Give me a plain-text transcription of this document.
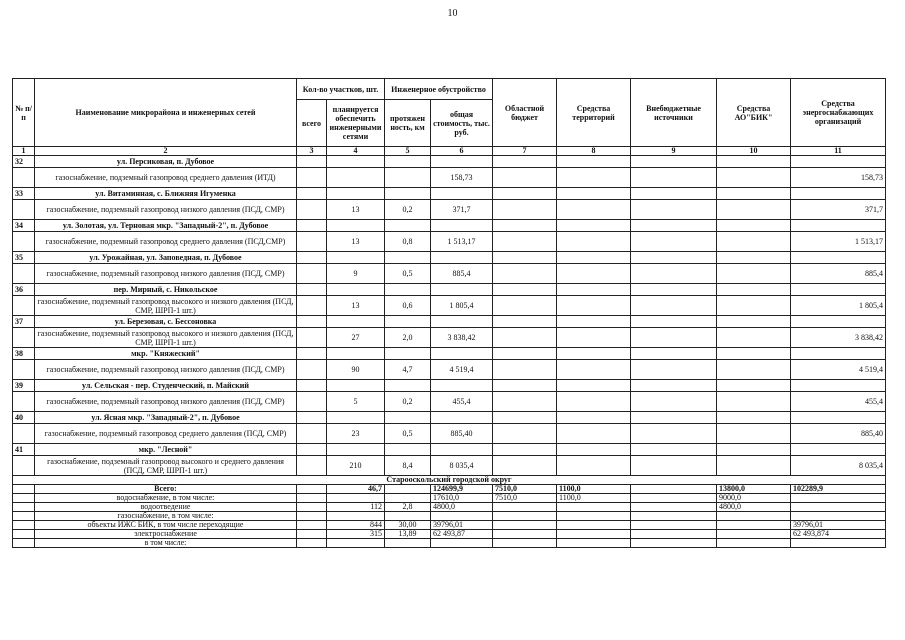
10
№ п/п	Наименование микрорайона и инженерных сетей	Кол-во участков, шт.		Инженерное обустройство		Областной бюджет	Средства территорий	Внебюджетные источники	Средства АО"БИК"	Средства энергоснабжающих организаций
		всего	планируется обеспечить инженерными сетями	протяжен ность, км	общая стоимость, тыс. руб.					
1	2	3	4	5	6	7	8	9	10	11
32	ул. Персиковая, п. Дубовое									
	газоснабжение, подземный газопровод среднего давления (ИТД)				158,73					158,73
33	ул. Витаминная, с. Ближняя Игуменка									
	газоснабжение, подземный газопровод низкого давления (ПСД, СМР)		13	0,2	371,7					371,7
34	ул. Золотая, ул. Терновая мкр. "Западный-2", п. Дубовое									
	газоснабжение, подземный газопровод среднего давления (ПСД,СМР)		13	0,8	1 513,17					1 513,17
35	ул. Урожайная, ул. Заповедная, п. Дубовое									
	газоснабжение, подземный газопровод низкого давления (ПСД, СМР)		9	0,5	885,4					885,4
36	пер. Мирный, с. Никольское									
	газоснабжение, подземный газопровод высокого и низкого давления (ПСД, СМР, ШРП-1 шт.)		13	0,6	1 805,4					1 805,4
37	ул. Березовая, с. Бессоновка									
	газоснабжение, подземный газопровод высокого и низкого давления (ПСД, СМР, ШРП-1 шт.)		27	2,0	3 838,42					3 838,42
38	мкр. "Княжеский"									
	газоснабжение, подземный газопровод низкого давления (ПСД, СМР)		90	4,7	4 519,4					4 519,4
39	ул. Сельская - пер. Студенческий, п. Майский									
	газоснабжение, подземный газопровод низкого давления (ПСД, СМР)		5	0,2	455,4					455,4
40	ул. Ясная мкр. "Западный-2", п. Дубовое									
	газоснабжение, подземный газопровод среднего давления (ПСД, СМР)		23	0,5	885,40					885,40
41	мкр. "Лесной"									
	газоснабжение, подземный газопровод высокого и среднего давления (ПСД, СМР, ШРП-1 шт.)		210	8,4	8 035,4					8 035,4
Старооскольский городской округ										
	Всего:		46,7		124699,9	7510,0	1100,0		13800,0	102289,9
	водоснабжение, в том числе:				17610,0	7510,0	1100,0		9000,0	
	водоотведение		112	2,8	4800,0				4800,0	
	газоснабжение, в том числе:									
	объекты ИЖС БИК, в том числе переходящие		844	30,00	39796,01					39796,01
	электроснабжение		315	13,89	62 493,87					62 493,874
	в том числе:									
